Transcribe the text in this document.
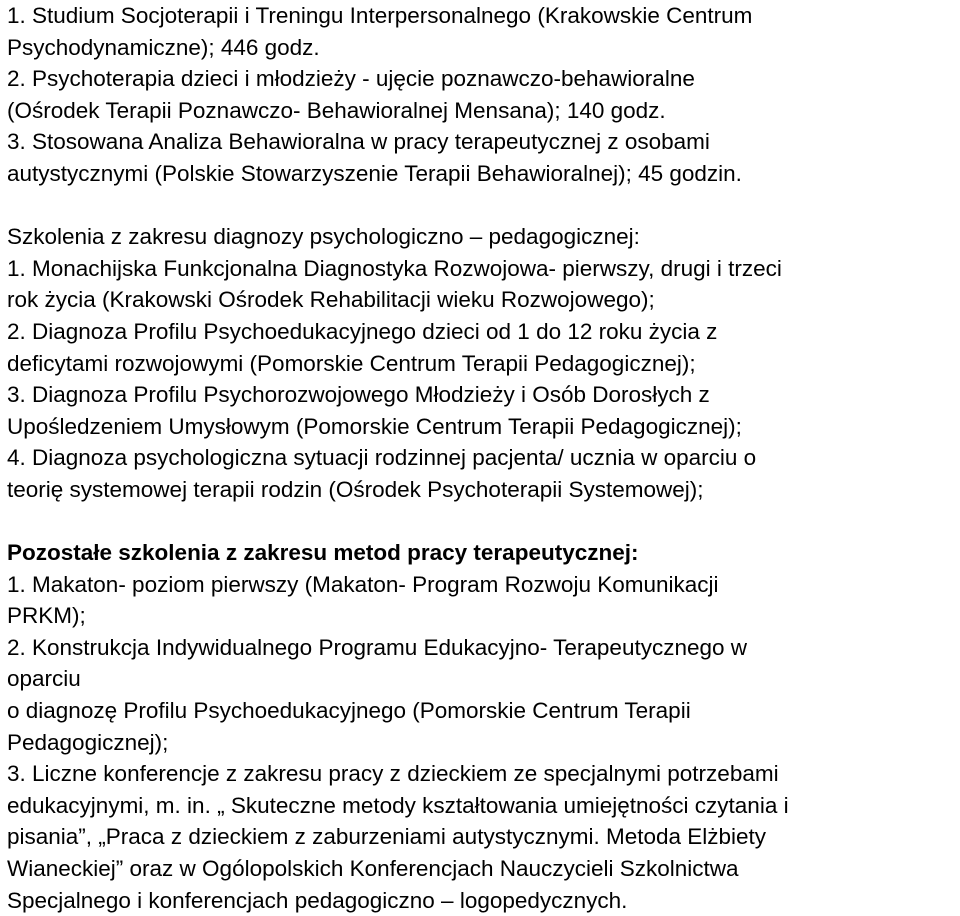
1. Studium Socjoterapii i Treningu Interpersonalnego (Krakowskie Centrum
Psychodynamiczne); 446 godz.
2. Psychoterapia dzieci i młodzieży - ujęcie poznawczo-behawioralne
(Ośrodek Terapii Poznawczo- Behawioralnej Mensana); 140 godz.
3. Stosowana Analiza Behawioralna w pracy terapeutycznej z osobami
autystycznymi (Polskie Stowarzyszenie Terapii Behawioralnej); 45 godzin.
Szkolenia z zakresu diagnozy psychologiczno – pedagogicznej:
1. Monachijska Funkcjonalna Diagnostyka Rozwojowa- pierwszy, drugi i trzeci
rok życia (Krakowski Ośrodek Rehabilitacji wieku Rozwojowego);
2. Diagnoza Profilu Psychoedukacyjnego dzieci od 1 do 12 roku życia z
deficytami rozwojowymi (Pomorskie Centrum Terapii Pedagogicznej);
3. Diagnoza Profilu Psychorozwojowego Młodzieży i Osób Dorosłych z
Upośledzeniem Umysłowym (Pomorskie Centrum Terapii Pedagogicznej);
4. Diagnoza psychologiczna sytuacji rodzinnej pacjenta/ ucznia w oparciu o
teorię systemowej terapii rodzin (Ośrodek Psychoterapii Systemowej);
Pozostałe szkolenia z zakresu metod pracy terapeutycznej:
1. Makaton- poziom pierwszy (Makaton- Program Rozwoju Komunikacji
PRKM);
2. Konstrukcja Indywidualnego Programu Edukacyjno- Terapeutycznego w
oparciu
o diagnozę Profilu Psychoedukacyjnego (Pomorskie Centrum Terapii
Pedagogicznej);
3. Liczne konferencje z zakresu pracy z dzieckiem ze specjalnymi potrzebami
edukacyjnymi, m. in. „ Skuteczne metody kształtowania umiejętności czytania i
pisania”, „Praca z dzieckiem z zaburzeniami autystycznymi. Metoda Elżbiety
Wianeckiej” oraz w Ogólopolskich Konferencjach Nauczycieli Szkolnictwa
Specjalnego i konferencjach pedagogiczno – logopedycznych.
